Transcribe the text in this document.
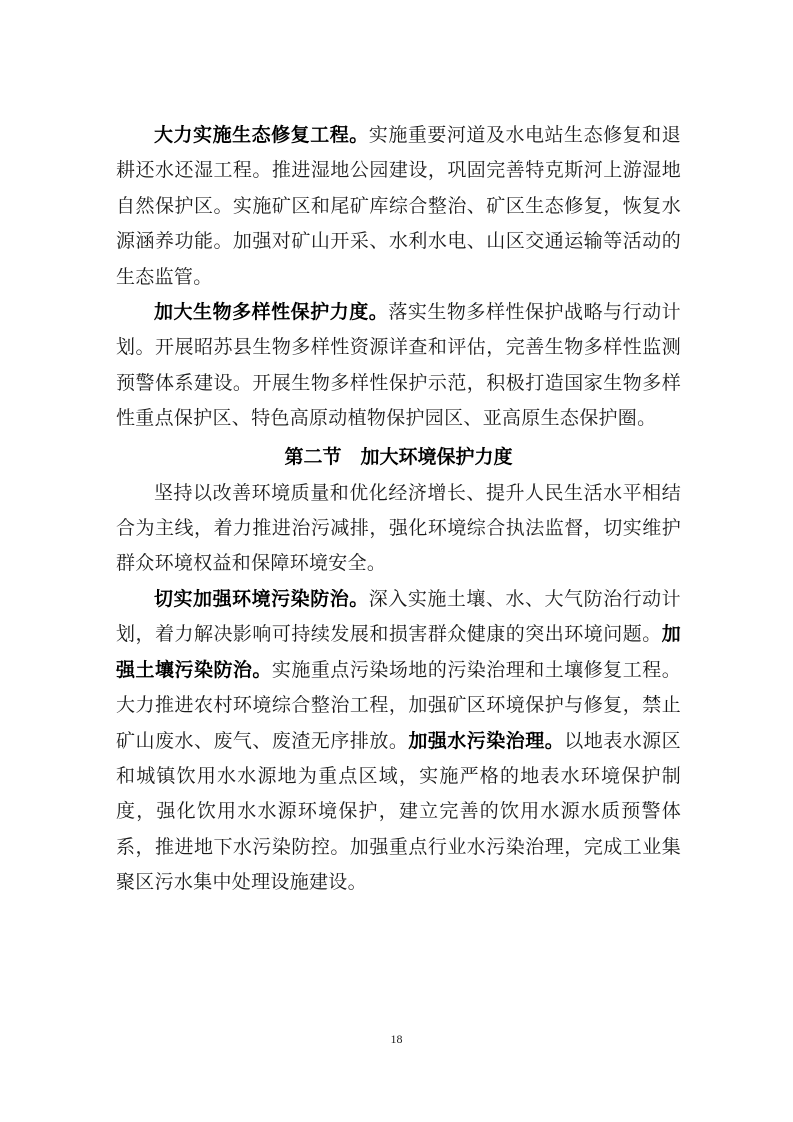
大力实施生态修复工程。实施重要河道及水电站生态修复和退耕还水还湿工程。推进湿地公园建设，巩固完善特克斯河上游湿地自然保护区。实施矿区和尾矿库综合整治、矿区生态修复，恢复水源涵养功能。加强对矿山开采、水利水电、山区交通运输等活动的生态监管。

加大生物多样性保护力度。落实生物多样性保护战略与行动计划。开展昭苏县生物多样性资源详查和评估，完善生物多样性监测预警体系建设。开展生物多样性保护示范，积极打造国家生物多样性重点保护区、特色高原动植物保护园区、亚高原生态保护圈。

第二节　加大环境保护力度

坚持以改善环境质量和优化经济增长、提升人民生活水平相结合为主线，着力推进治污减排，强化环境综合执法监督，切实维护群众环境权益和保障环境安全。

切实加强环境污染防治。深入实施土壤、水、大气防治行动计划，着力解决影响可持续发展和损害群众健康的突出环境问题。加强土壤污染防治。实施重点污染场地的污染治理和土壤修复工程。大力推进农村环境综合整治工程，加强矿区环境保护与修复，禁止矿山废水、废气、废渣无序排放。加强水污染治理。以地表水源区和城镇饮用水水源地为重点区域，实施严格的地表水环境保护制度，强化饮用水水源环境保护，建立完善的饮用水源水质预警体系，推进地下水污染防控。加强重点行业水污染治理，完成工业集聚区污水集中处理设施建设。

18
